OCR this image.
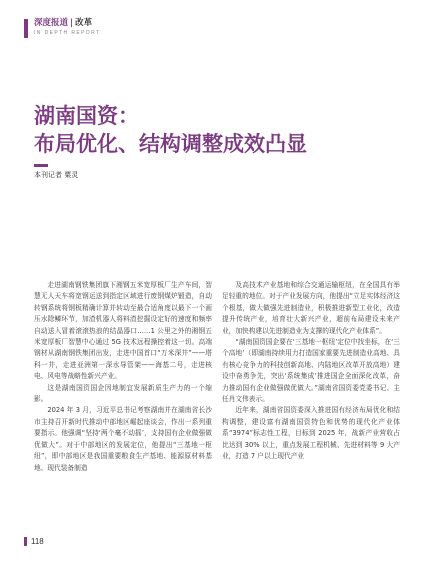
深度报道 | 改革
IN DEPTH REPORT
湖南国资：
布局优化、结构调整成效凸显
本刊记者 粟灵

走进湖南钢铁集团旗下湘钢五米宽厚板厂生产车间，智慧无人天车将宽钢运送到指定区域进行废钢煤炉锻造，自动转钢系统将钢板精确计算并转动至最合适角度以最下一个画压水除鳞环节，加渣机器人将料渣挖掘设定好的速度和频率自动送入冒着滚滚热浪的结晶器口……1 公里之外的湘钢五米宽厚板厂智慧中心通过 5G 技术远程操控着这一切。高端钢材从湖南钢铁集团出发，走进中国首口“万米深井”——塔科一井，走进亚洲第一深水导管架——海基二号，走进核电、风电等战略性新兴产业。

这是湖南国资国企因地制宜发展新质生产力的一个缩影。

2024 年 3 月，习近平总书记考察湖南并在湖南省长沙市主持召开新时代推动中部地区崛起座谈会，作出一系列重要指示。他强调“坚持‘两个毫不动摇’，支持国有企业做强做优做大”。对于中部地区的发展定位，他提出“三基地一枢纽”，即中部地区是我国重要粮食生产基地、能源原材料基地、现代装备制造

及高技术产业基地和综合交通运输枢纽，在全国具有举足轻重的地位。对于产业发展方向，他提出“立足实体经济这个根基，做大做强先进制造业，积极推进新型工业化，改造提升传统产业，培育壮大新兴产业，超前布局建设未来产业，加快构建以先进制造业为支撑的现代化产业体系”。

“湖南国资国企要在‘三基地一枢纽’定位中找坐标，在‘三个高地’（即湖南持续用力打造国家重要先进制造业高地、具有核心竞争力的科技创新高地、内陆地区改革开放高地）建设中奋勇争先，突出‘系统集成’推进国企全面深化改革，奋力推动国有企业做强做优做大。”湖南省国资委党委书记、主任肖文伟表示。

近年来，湖南省国资委深入推进国有经济布局优化和结构调整，建设富有湖南国资特色和优势的现代化产业体系“3974”标志性工程，目标到 2025 年，战新产业营收占比达到 30% 以上，重点发展工程机械、先进材料等 9 大产业，打造 7 户以上现代产业

118
